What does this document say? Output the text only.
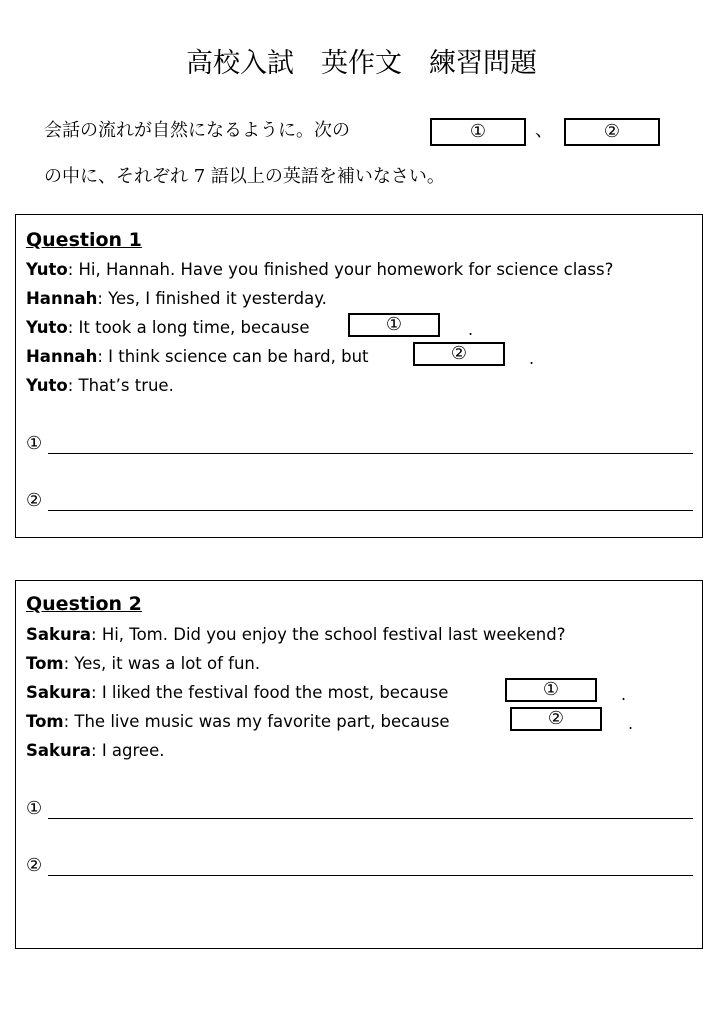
高校入試　英作文　練習問題
会話の流れが自然になるように。次の	①	、	②
の中に、それぞれ 7 語以上の英語を補いなさい。
Question 1
Yuto: Hi, Hannah. Have you finished your homework for science class?
Hannah: Yes, I finished it yesterday.
Yuto: It took a long time, because	①	.
Hannah: I think science can be hard, but	②	.
Yuto: That’s true.
①
②
Question 2
Sakura: Hi, Tom. Did you enjoy the school festival last weekend?
Tom: Yes, it was a lot of fun.
Sakura: I liked the festival food the most, because	①	.
Tom: The live music was my favorite part, because	②	.
Sakura: I agree.
①
②
